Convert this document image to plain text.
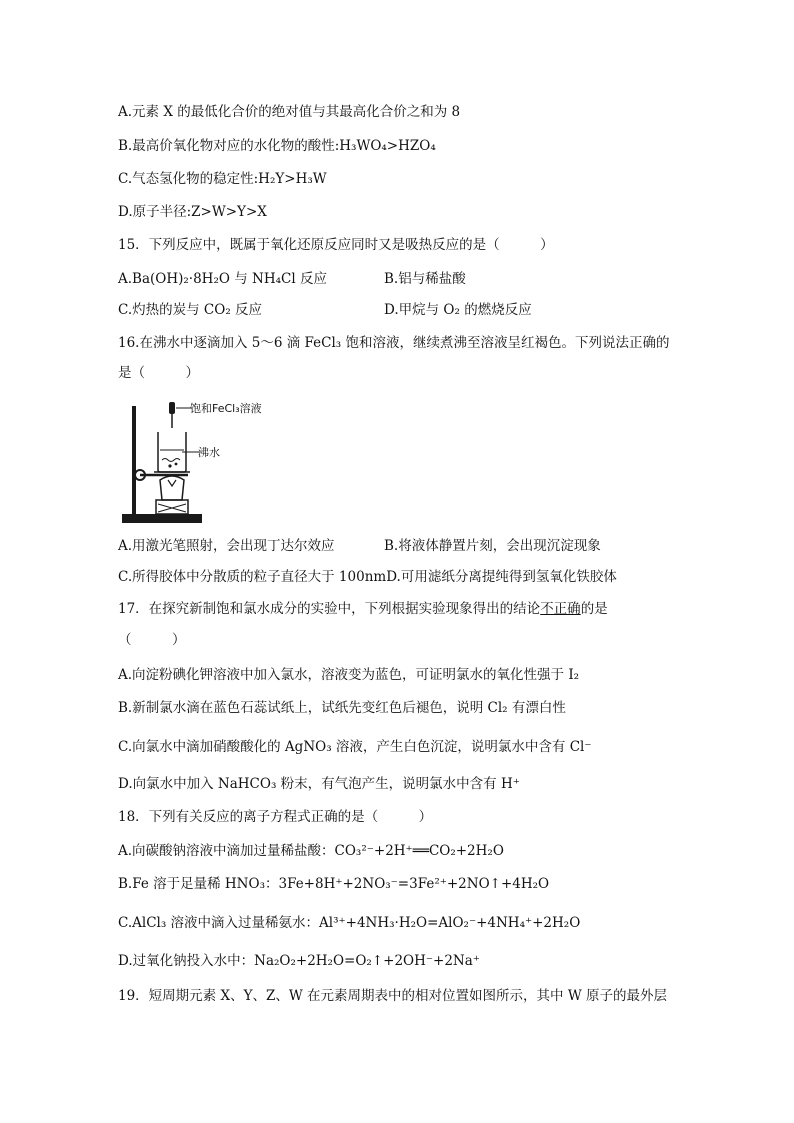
A.元素 X 的最低化合价的绝对值与其最高化合价之和为 8
B.最高价氧化物对应的水化物的酸性:H₃WO₄>HZO₄
C.气态氢化物的稳定性:H₂Y>H₃W
D.原子半径:Z>W>Y>X
15．下列反应中，既属于氧化还原反应同时又是吸热反应的是（　　　）
A.Ba(OH)₂·8H₂O 与 NH₄Cl 反应	B.铝与稀盐酸
C.灼热的炭与 CO₂ 反应	D.甲烷与 O₂ 的燃烧反应
16.在沸水中逐滴加入 5～6 滴 FeCl₃ 饱和溶液，继续煮沸至溶液呈红褐色。下列说法正确的
是（　　　）
饱和FeCl₃溶液
沸水
A.用激光笔照射，会出现丁达尔效应	B.将液体静置片刻，会出现沉淀现象
C.所得胶体中分散质的粒子直径大于 100nmD.可用滤纸分离提纯得到氢氧化铁胶体
17．在探究新制饱和氯水成分的实验中，下列根据实验现象得出的结论不正确的是
（　　　）
A.向淀粉碘化钾溶液中加入氯水，溶液变为蓝色，可证明氯水的氧化性强于 I₂
B.新制氯水滴在蓝色石蕊试纸上，试纸先变红色后褪色，说明 Cl₂ 有漂白性
C.向氯水中滴加硝酸酸化的 AgNO₃ 溶液，产生白色沉淀，说明氯水中含有 Cl⁻
D.向氯水中加入 NaHCO₃ 粉末，有气泡产生，说明氯水中含有 H⁺
18．下列有关反应的离子方程式正确的是（　　　）
A.向碳酸钠溶液中滴加过量稀盐酸：CO₃²⁻+2H⁺══CO₂+2H₂O
B.Fe 溶于足量稀 HNO₃：3Fe+8H⁺+2NO₃⁻=3Fe²⁺+2NO↑+4H₂O
C.AlCl₃ 溶液中滴入过量稀氨水：Al³⁺+4NH₃·H₂O=AlO₂⁻+4NH₄⁺+2H₂O
D.过氧化钠投入水中：Na₂O₂+2H₂O=O₂↑+2OH⁻+2Na⁺
19．短周期元素 X、Y、Z、W 在元素周期表中的相对位置如图所示，其中 W 原子的最外层
